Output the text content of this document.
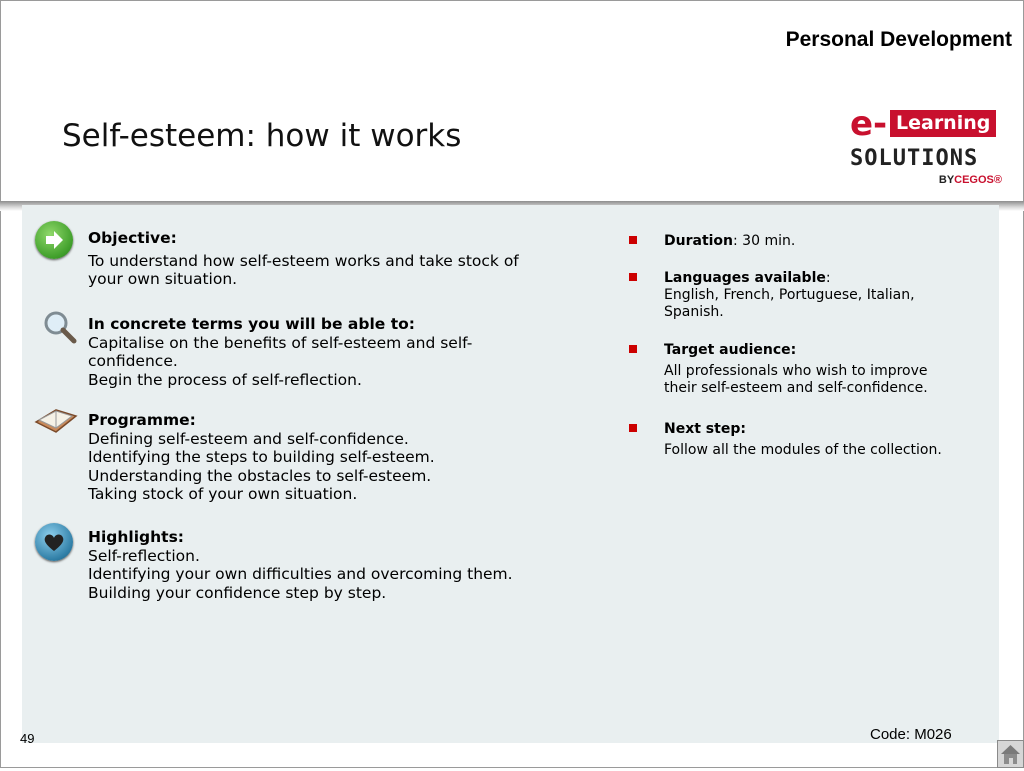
Personal Development
Self-esteem: how it works	e- Learning
SOLUTIONS
BYCEGOS®
Objective:
To understand how self-esteem works and take stock of
your own situation.
In concrete terms you will be able to:
Capitalise on the benefits of self-esteem and self-
confidence.
Begin the process of self-reflection.
Programme:
Defining self-esteem and self-confidence.
Identifying the steps to building self-esteem.
Understanding the obstacles to self-esteem.
Taking stock of your own situation.
Highlights:
Self-reflection.
Identifying your own difficulties and overcoming them.
Building your confidence step by step.
Duration: 30 min.
Languages available:
English, French, Portuguese, Italian,
Spanish.
Target audience:
All professionals who wish to improve
their self-esteem and self-confidence.
Next step:
Follow all the modules of the collection.
49	Code: M026
